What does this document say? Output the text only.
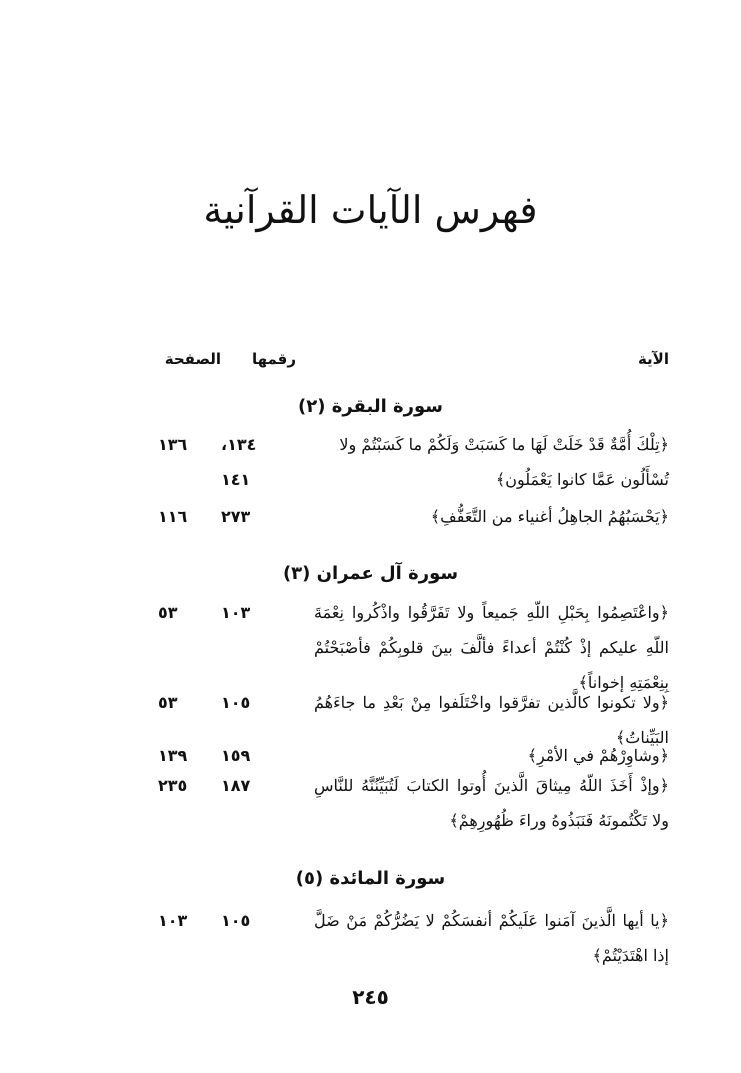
فهرس الآيات القرآنية
الآية
رقمها
الصفحة
سورة البقرة (٢)
﴿تِلْكَ أُمَّةٌ قَدْ خَلَتْ لَهَا ما كَسَبَتْ وَلَكُمْ ما كَسَبْتُمْ ولا
١٣٤،
١٣٦
تُسْأَلُون عَمَّا كانوا يَعْمَلُون﴾
١٤١
﴿يَحْسَبُهُمُ الجاهِلُ أغنياء من التَّعَفُّفِ﴾
٢٧٣
١١٦
سورة آل عمران (٣)
﴿واعْتَصِمُوا بِحَبْلِ اللّهِ جَميعاً ولا تَفَرَّقُوا واذْكُروا نِعْمَةَ اللّهِ عليكم إذْ كُنْتُمْ أعداءً فألَّفَ بينَ قلوبِكُمْ فأصْبَحْتُمْ بِنِعْمَتِهِ إخواناً﴾
١٠٣
٥٣
﴿ولا تكونوا كالَّذين تفرَّقوا واخْتَلَفوا مِنْ بَعْدِ ما جاءَهُمُ البَيِّناتُ﴾
١٠٥
٥٣
﴿وشاوِرْهُمْ في الأمْرِ﴾
١٥٩
١٣٩
﴿وإذْ أَخَذَ اللّهُ مِيثاقَ الَّذينَ أُوتوا الكتابَ لَتُبَيِّنُنَّهُ للنَّاسِ ولا تَكْتُمونَهُ فَنَبَذُوهُ وراءَ ظُهُورِهِمْ﴾
١٨٧
٢٣٥
سورة المائدة (٥)
﴿يا أيها الَّذينَ آمَنوا عَلَيكُمْ أنفسَكُمْ لا يَضُرُّكُمْ مَنْ ضَلَّ إذا اهْتَدَيْتُمْ﴾
١٠٥
١٠٣
٢٤٥
